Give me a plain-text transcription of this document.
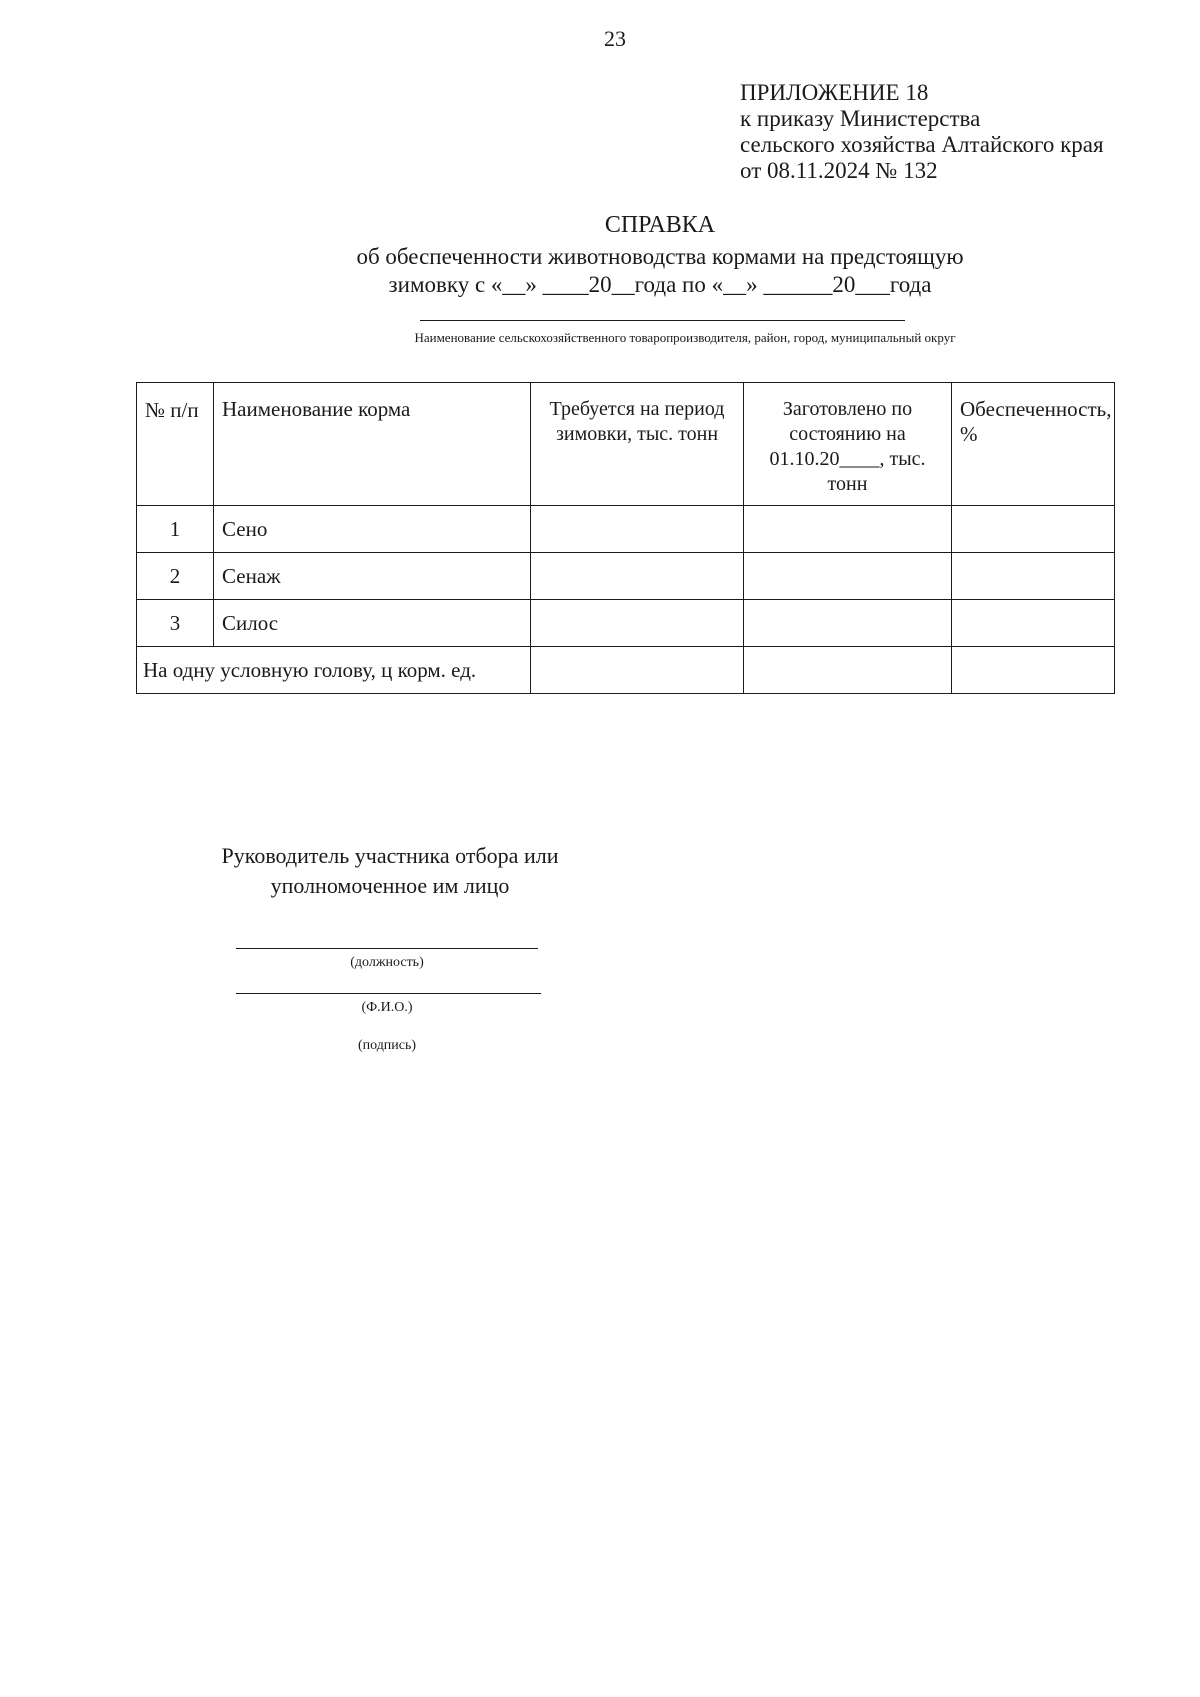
23
ПРИЛОЖЕНИЕ 18
к приказу Министерства
сельского хозяйства Алтайского края
от 08.11.2024 № 132
СПРАВКА
об обеспеченности животноводства кормами на предстоящую
зимовку с «__» ____20__года по «__» ______20___года
Наименование сельскохозяйственного товаропроизводителя, район, город, муниципальный округ
№ п/п	Наименование корма	Требуется на период зимовки, тыс. тонн	Заготовлено по состоянию на 01.10.20____, тыс. тонн	Обеспеченность, %
1	Сено			
2	Сенаж			
3	Силос			
На одну условную голову, ц корм. ед.				
Руководитель участника отбора или
уполномоченное им лицо
(должность)
(Ф.И.О.)
(подпись)
